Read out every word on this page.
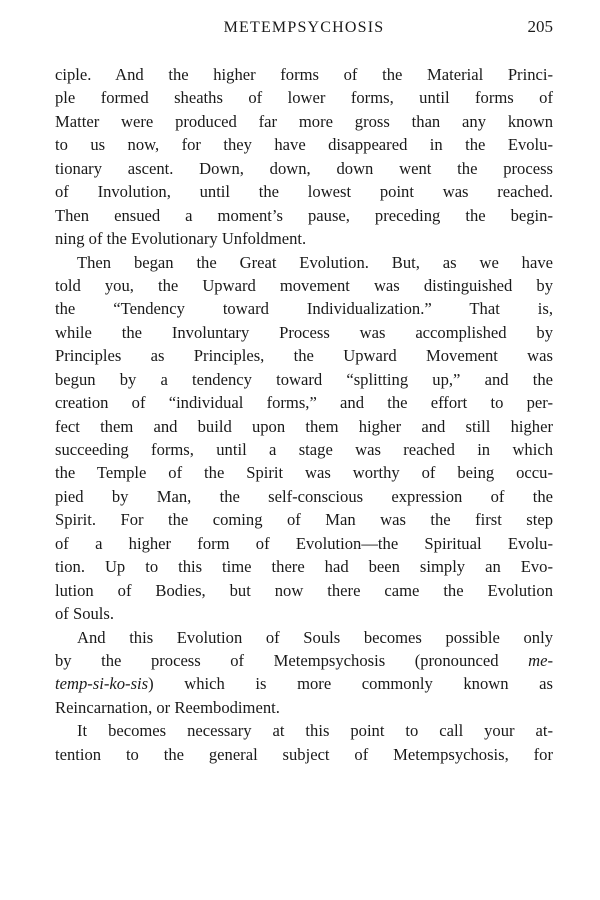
METEMPSYCHOSIS	205
ciple. And the higher forms of the Material Princi-
ple formed sheaths of lower forms, until forms of
Matter were produced far more gross than any known
to us now, for they have disappeared in the Evolu-
tionary ascent. Down, down, down went the process
of Involution, until the lowest point was reached.
Then ensued a moment’s pause, preceding the begin-
ning of the Evolutionary Unfoldment.
Then began the Great Evolution. But, as we have
told you, the Upward movement was distinguished by
the “Tendency toward Individualization.” That is,
while the Involuntary Process was accomplished by
Principles as Principles, the Upward Movement was
begun by a tendency toward “splitting up,” and the
creation of “individual forms,” and the effort to per-
fect them and build upon them higher and still higher
succeeding forms, until a stage was reached in which
the Temple of the Spirit was worthy of being occu-
pied by Man, the self-conscious expression of the
Spirit. For the coming of Man was the first step
of a higher form of Evolution—the Spiritual Evolu-
tion. Up to this time there had been simply an Evo-
lution of Bodies, but now there came the Evolution
of Souls.
And this Evolution of Souls becomes possible only
by the process of Metempsychosis (pronounced me-
temp-si-ko-sis) which is more commonly known as
Reincarnation, or Reembodiment.
It becomes necessary at this point to call your at-
tention to the general subject of Metempsychosis, for
